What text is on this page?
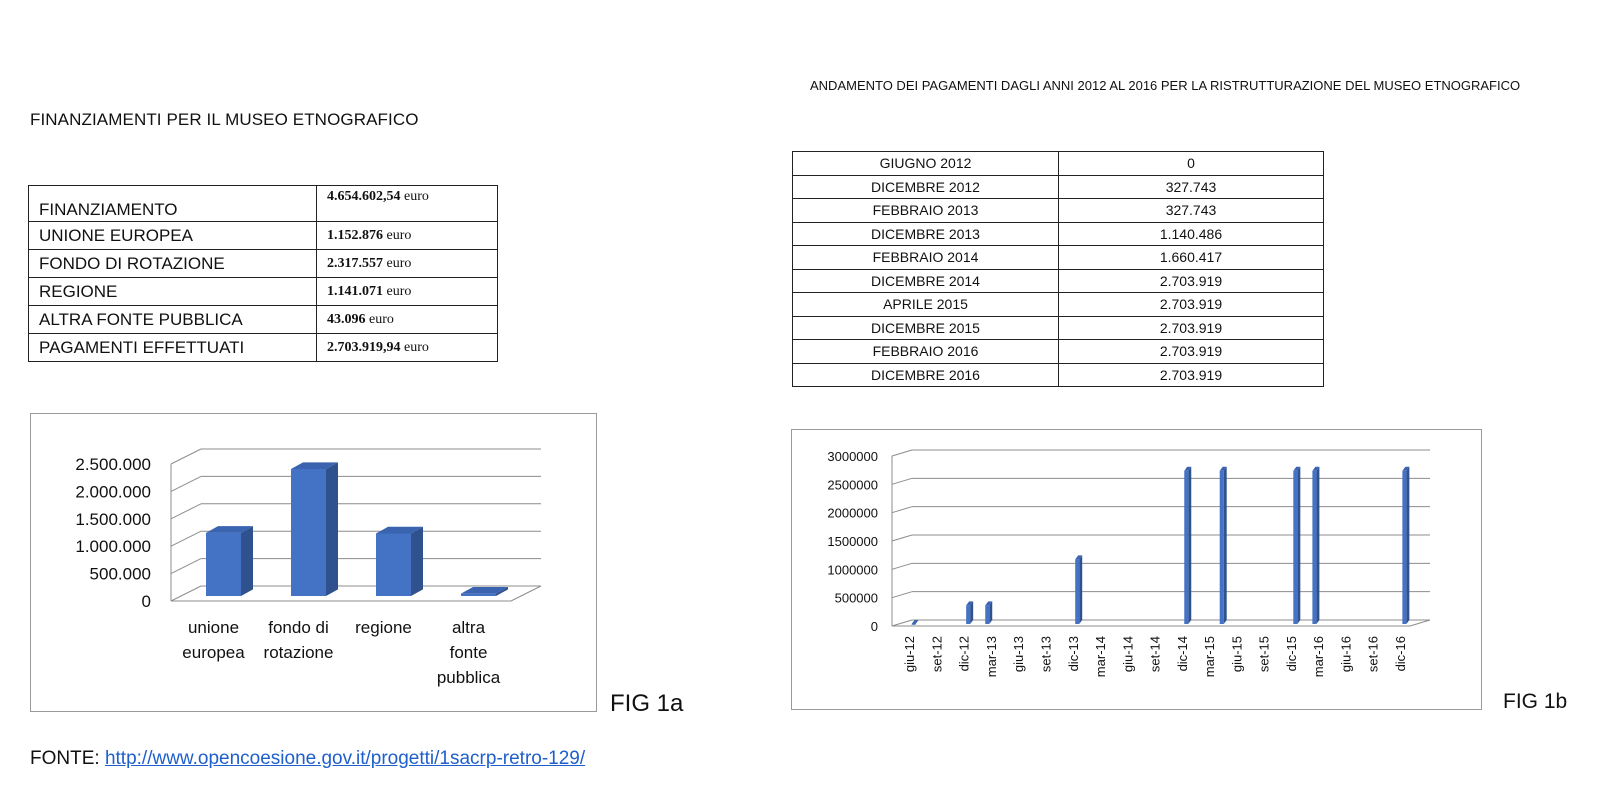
FINANZIAMENTI PER IL MUSEO ETNOGRAFICO
ANDAMENTO DEI PAGAMENTI DAGLI ANNI 2012 AL 2016 PER LA RISTRUTTURAZIONE DEL MUSEO ETNOGRAFICO
FINANZIAMENTO	4.654.602,54 euro
UNIONE EUROPEA	1.152.876 euro
FONDO DI ROTAZIONE	2.317.557 euro
REGIONE	1.141.071 euro
ALTRA FONTE PUBBLICA	43.096 euro
PAGAMENTI EFFETTUATI	2.703.919,94 euro
GIUGNO 2012	0
DICEMBRE 2012	327.743
FEBBRAIO 2013	327.743
DICEMBRE 2013	1.140.486
FEBBRAIO 2014	1.660.417
DICEMBRE 2014	2.703.919
APRILE 2015	2.703.919
DICEMBRE 2015	2.703.919
FEBBRAIO 2016	2.703.919
DICEMBRE 2016	2.703.919
0
500.000
1.000.000
1.500.000
2.000.000
2.500.000
unione
europea
fondo di
rotazione
regione altra
fonte
pubblica
FIG 1a
0
500000
1000000
1500000
2000000
2500000
3000000
giu-12 set-12 dic-12 mar-13 giu-13 set-13 dic-13 mar-14 giu-14 set-14 dic-14 mar-15 giu-15 set-15 dic-15 mar-16 giu-16 set-16 dic-16
FIG 1b
FONTE: http://www.opencoesione.gov.it/progetti/1sacrp-retro-129/
